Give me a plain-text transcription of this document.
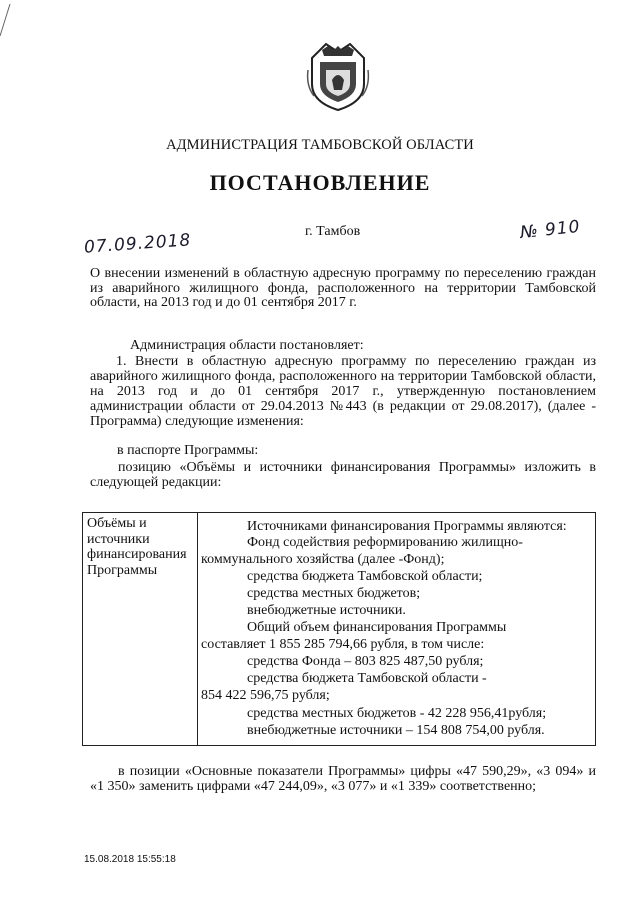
АДМИНИСТРАЦИЯ ТАМБОВСКОЙ ОБЛАСТИ
ПОСТАНОВЛЕНИЕ
07.09.2018	г. Тамбов	№ 910
О внесении изменений в областную адресную программу по переселению граждан из аварийного жилищного фонда, расположенного на территории Тамбовской области, на 2013 год и до 01 сентября 2017 г.
Администрация области постановляет:
1. Внести в областную адресную программу по переселению граждан из аварийного жилищного фонда, расположенного на территории Тамбовской области, на 2013 год и до 01 сентября 2017 г., утвержденную постановлением администрации области от 29.04.2013 №443 (в редакции от 29.08.2017), (далее - Программа) следующие изменения:
в паспорте Программы:
позицию «Объёмы и источники финансирования Программы» изложить в следующей редакции:
Объёмы и источники финансирования Программы
Источниками финансирования Программы являются:
Фонд содействия реформированию жилищно-
коммунального хозяйства (далее -Фонд);
средства бюджета Тамбовской области;
средства местных бюджетов;
внебюджетные источники.
Общий объем финансирования Программы
составляет 1 855 285 794,66 рубля, в том числе:
средства Фонда – 803 825 487,50 рубля;
средства бюджета Тамбовской области -
854 422 596,75 рубля;
средства местных бюджетов - 42 228 956,41рубля;
внебюджетные источники – 154 808 754,00 рубля.
в позиции «Основные показатели Программы» цифры «47 590,29», «3 094» и «1 350» заменить цифрами «47 244,09», «3 077» и «1 339» соответственно;
15.08.2018 15:55:18
